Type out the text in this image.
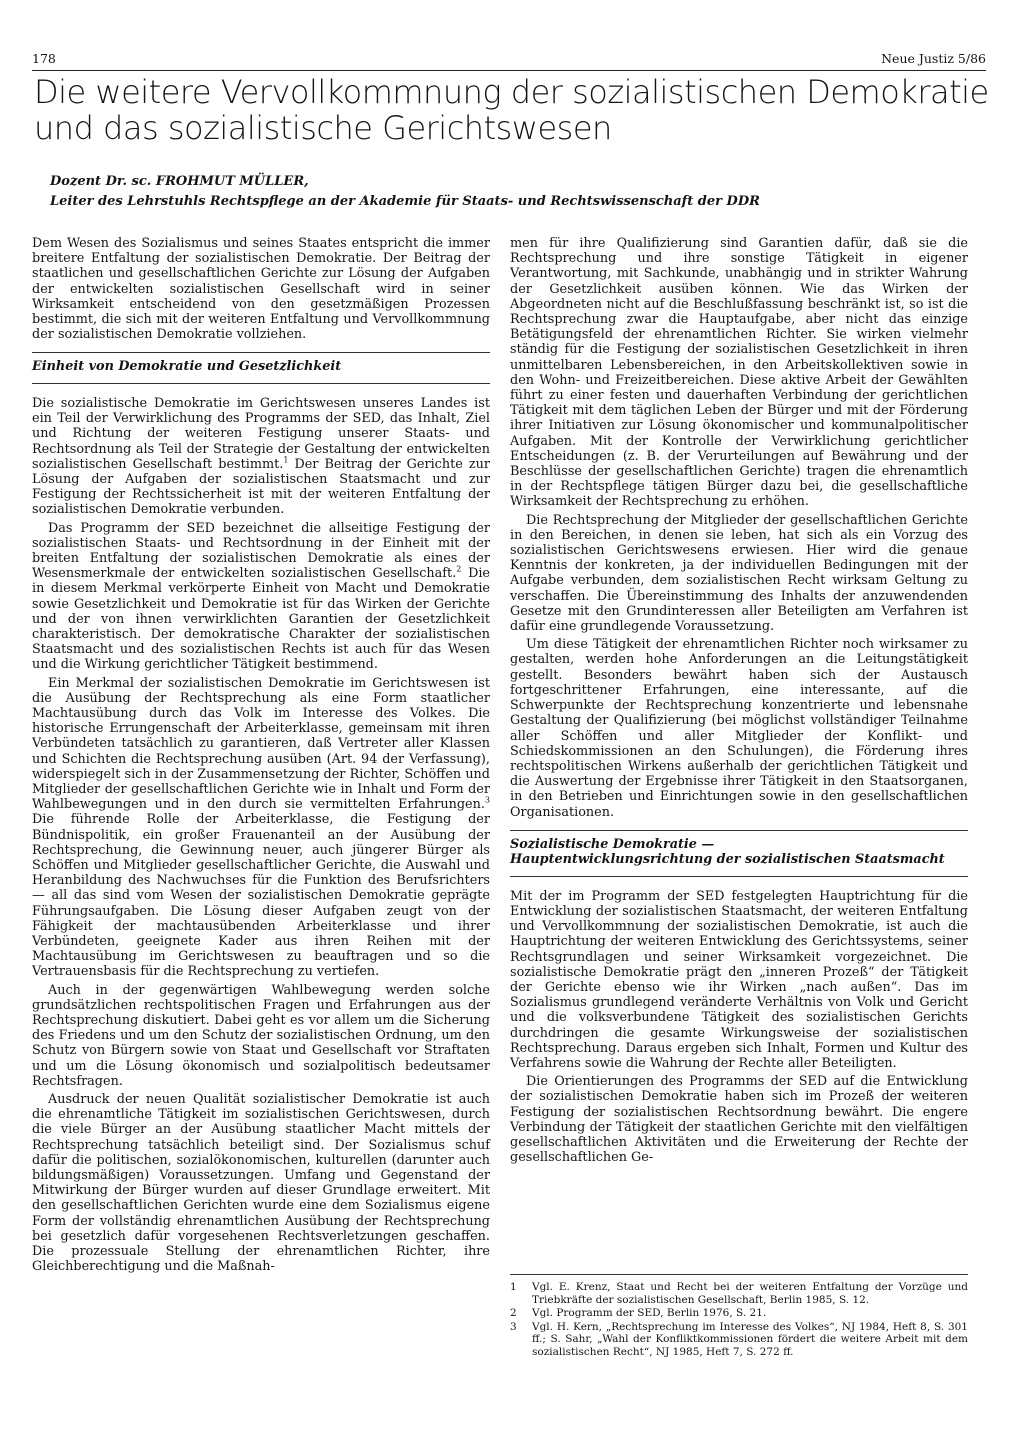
178	Neue Justiz 5/86
Die weitere Vervollkommnung der sozialistischen Demokratie
und das sozialistische Gerichtswesen
Dozent Dr. sc. FROHMUT MÜLLER,
Leiter des Lehrstuhls Rechtspflege an der Akademie für Staats- und Rechtswissenschaft der DDR

Dem Wesen des Sozialismus und seines Staates entspricht die immer breitere Entfaltung der sozialistischen Demokratie. Der Beitrag der staatlichen und gesellschaftlichen Gerichte zur Lösung der Aufgaben der entwickelten sozialistischen Gesellschaft wird in seiner Wirksamkeit entscheidend von den gesetzmäßigen Prozessen bestimmt, die sich mit der weiteren Entfaltung und Vervollkommnung der sozialistischen Demokratie vollziehen.

Einheit von Demokratie und Gesetzlichkeit

Die sozialistische Demokratie im Gerichtswesen unseres Landes ist ein Teil der Verwirklichung des Programms der SED, das Inhalt, Ziel und Richtung der weiteren Festigung unserer Staats- und Rechtsordnung als Teil der Strategie der Gestaltung der entwickelten sozialistischen Gesellschaft bestimmt.$^1$ Der Beitrag der Gerichte zur Lösung der Aufgaben der sozialistischen Staatsmacht und zur Festigung der Rechtssicherheit ist mit der weiteren Entfaltung der sozialistischen Demokratie verbunden.

Das Programm der SED bezeichnet die allseitige Festigung der sozialistischen Staats- und Rechtsordnung in der Einheit mit der breiten Entfaltung der sozialistischen Demokratie als eines der Wesensmerkmale der entwickelten sozialistischen Gesellschaft.$^2$ Die in diesem Merkmal verkörperte Einheit von Macht und Demokratie sowie Gesetzlichkeit und Demokratie ist für das Wirken der Gerichte und der von ihnen verwirklichten Garantien der Gesetzlichkeit charakteristisch. Der demokratische Charakter der sozialistischen Staatsmacht und des sozialistischen Rechts ist auch für das Wesen und die Wirkung gerichtlicher Tätigkeit bestimmend.

Ein Merkmal der sozialistischen Demokratie im Gerichtswesen ist die Ausübung der Rechtsprechung als eine Form staatlicher Machtausübung durch das Volk im Interesse des Volkes. Die historische Errungenschaft der Arbeiterklasse, gemeinsam mit ihren Verbündeten tatsächlich zu garantieren, daß Vertreter aller Klassen und Schichten die Rechtsprechung ausüben (Art. 94 der Verfassung), widerspiegelt sich in der Zusammensetzung der Richter, Schöffen und Mitglieder der gesellschaftlichen Gerichte wie in Inhalt und Form der Wahlbewegungen und in den durch sie vermittelten Erfahrungen.$^3$ Die führende Rolle der Arbeiterklasse, die Festigung der Bündnispolitik, ein großer Frauenanteil an der Ausübung der Rechtsprechung, die Gewinnung neuer, auch jüngerer Bürger als Schöffen und Mitglieder gesellschaftlicher Gerichte, die Auswahl und Heranbildung des Nachwuchses für die Funktion des Berufsrichters — all das sind vom Wesen der sozialistischen Demokratie geprägte Führungsaufgaben. Die Lösung dieser Aufgaben zeugt von der Fähigkeit der machtausübenden Arbeiterklasse und ihrer Verbündeten, geeignete Kader aus ihren Reihen mit der Machtausübung im Gerichtswesen zu beauftragen und so die Vertrauensbasis für die Rechtsprechung zu vertiefen.

Auch in der gegenwärtigen Wahlbewegung werden solche grundsätzlichen rechtspolitischen Fragen und Erfahrungen aus der Rechtsprechung diskutiert. Dabei geht es vor allem um die Sicherung des Friedens und um den Schutz der sozialistischen Ordnung, um den Schutz von Bürgern sowie von Staat und Gesellschaft vor Straftaten und um die Lösung ökonomisch und sozialpolitisch bedeutsamer Rechtsfragen.

Ausdruck der neuen Qualität sozialistischer Demokratie ist auch die ehrenamtliche Tätigkeit im sozialistischen Gerichtswesen, durch die viele Bürger an der Ausübung staatlicher Macht mittels der Rechtsprechung tatsächlich beteiligt sind. Der Sozialismus schuf dafür die politischen, sozialökonomischen, kulturellen (darunter auch bildungsmäßigen) Voraussetzungen. Umfang und Gegenstand der Mitwirkung der Bürger wurden auf dieser Grundlage erweitert. Mit den gesellschaftlichen Gerichten wurde eine dem Sozialismus eigene Form der vollständig ehrenamtlichen Ausübung der Rechtsprechung bei gesetzlich dafür vorgesehenen Rechtsverletzungen geschaffen. Die prozessuale Stellung der ehrenamtlichen Richter, ihre Gleichberechtigung und die Maßnah-

men für ihre Qualifizierung sind Garantien dafür, daß sie die Rechtsprechung und ihre sonstige Tätigkeit in eigener Verantwortung, mit Sachkunde, unabhängig und in strikter Wahrung der Gesetzlichkeit ausüben können. Wie das Wirken der Abgeordneten nicht auf die Beschlußfassung beschränkt ist, so ist die Rechtsprechung zwar die Hauptaufgabe, aber nicht das einzige Betätigungsfeld der ehrenamtlichen Richter. Sie wirken vielmehr ständig für die Festigung der sozialistischen Gesetzlichkeit in ihren unmittelbaren Lebensbereichen, in den Arbeitskollektiven sowie in den Wohn- und Freizeitbereichen. Diese aktive Arbeit der Gewählten führt zu einer festen und dauerhaften Verbindung der gerichtlichen Tätigkeit mit dem täglichen Leben der Bürger und mit der Förderung ihrer Initiativen zur Lösung ökonomischer und kommunalpolitischer Aufgaben. Mit der Kontrolle der Verwirklichung gerichtlicher Entscheidungen (z. B. der Verurteilungen auf Bewährung und der Beschlüsse der gesellschaftlichen Gerichte) tragen die ehrenamtlich in der Rechtspflege tätigen Bürger dazu bei, die gesellschaftliche Wirksamkeit der Rechtsprechung zu erhöhen.

Die Rechtsprechung der Mitglieder der gesellschaftlichen Gerichte in den Bereichen, in denen sie leben, hat sich als ein Vorzug des sozialistischen Gerichtswesens erwiesen. Hier wird die genaue Kenntnis der konkreten, ja der individuellen Bedingungen mit der Aufgabe verbunden, dem sozialistischen Recht wirksam Geltung zu verschaffen. Die Übereinstimmung des Inhalts der anzuwendenden Gesetze mit den Grundinteressen aller Beteiligten am Verfahren ist dafür eine grundlegende Voraussetzung.

Um diese Tätigkeit der ehrenamtlichen Richter noch wirksamer zu gestalten, werden hohe Anforderungen an die Leitungstätigkeit gestellt. Besonders bewährt haben sich der Austausch fortgeschrittener Erfahrungen, eine interessante, auf die Schwerpunkte der Rechtsprechung konzentrierte und lebensnahe Gestaltung der Qualifizierung (bei möglichst vollständiger Teilnahme aller Schöffen und aller Mitglieder der Konflikt- und Schiedskommissionen an den Schulungen), die Förderung ihres rechtspolitischen Wirkens außerhalb der gerichtlichen Tätigkeit und die Auswertung der Ergebnisse ihrer Tätigkeit in den Staatsorganen, in den Betrieben und Einrichtungen sowie in den gesellschaftlichen Organisationen.

Sozialistische Demokratie —
Hauptentwicklungsrichtung der sozialistischen Staatsmacht

Mit der im Programm der SED festgelegten Hauptrichtung für die Entwicklung der sozialistischen Staatsmacht, der weiteren Entfaltung und Vervollkommnung der sozialistischen Demokratie, ist auch die Hauptrichtung der weiteren Entwicklung des Gerichtssystems, seiner Rechtsgrundlagen und seiner Wirksamkeit vorgezeichnet. Die sozialistische Demokratie prägt den „inneren Prozeß“ der Tätigkeit der Gerichte ebenso wie ihr Wirken „nach außen“. Das im Sozialismus grundlegend veränderte Verhältnis von Volk und Gericht und die volksverbundene Tätigkeit des sozialistischen Gerichts durchdringen die gesamte Wirkungsweise der sozialistischen Rechtsprechung. Daraus ergeben sich Inhalt, Formen und Kultur des Verfahrens sowie die Wahrung der Rechte aller Beteiligten.

Die Orientierungen des Programms der SED auf die Entwicklung der sozialistischen Demokratie haben sich im Prozeß der weiteren Festigung der sozialistischen Rechtsordnung bewährt. Die engere Verbindung der Tätigkeit der staatlichen Gerichte mit den vielfältigen gesellschaftlichen Aktivitäten und die Erweiterung der Rechte der gesellschaftlichen Ge-

1	Vgl. E. Krenz, Staat und Recht bei der weiteren Entfaltung der Vorzüge und Triebkräfte der sozialistischen Gesellschaft, Berlin 1985, S. 12.
2	Vgl. Programm der SED, Berlin 1976, S. 21.
3	Vgl. H. Kern, „Rechtsprechung im Interesse des Volkes“, NJ 1984, Heft 8, S. 301 ff.; S. Sahr, „Wahl der Konfliktkommissionen fördert die weitere Arbeit mit dem sozialistischen Recht“, NJ 1985, Heft 7, S. 272 ff.
